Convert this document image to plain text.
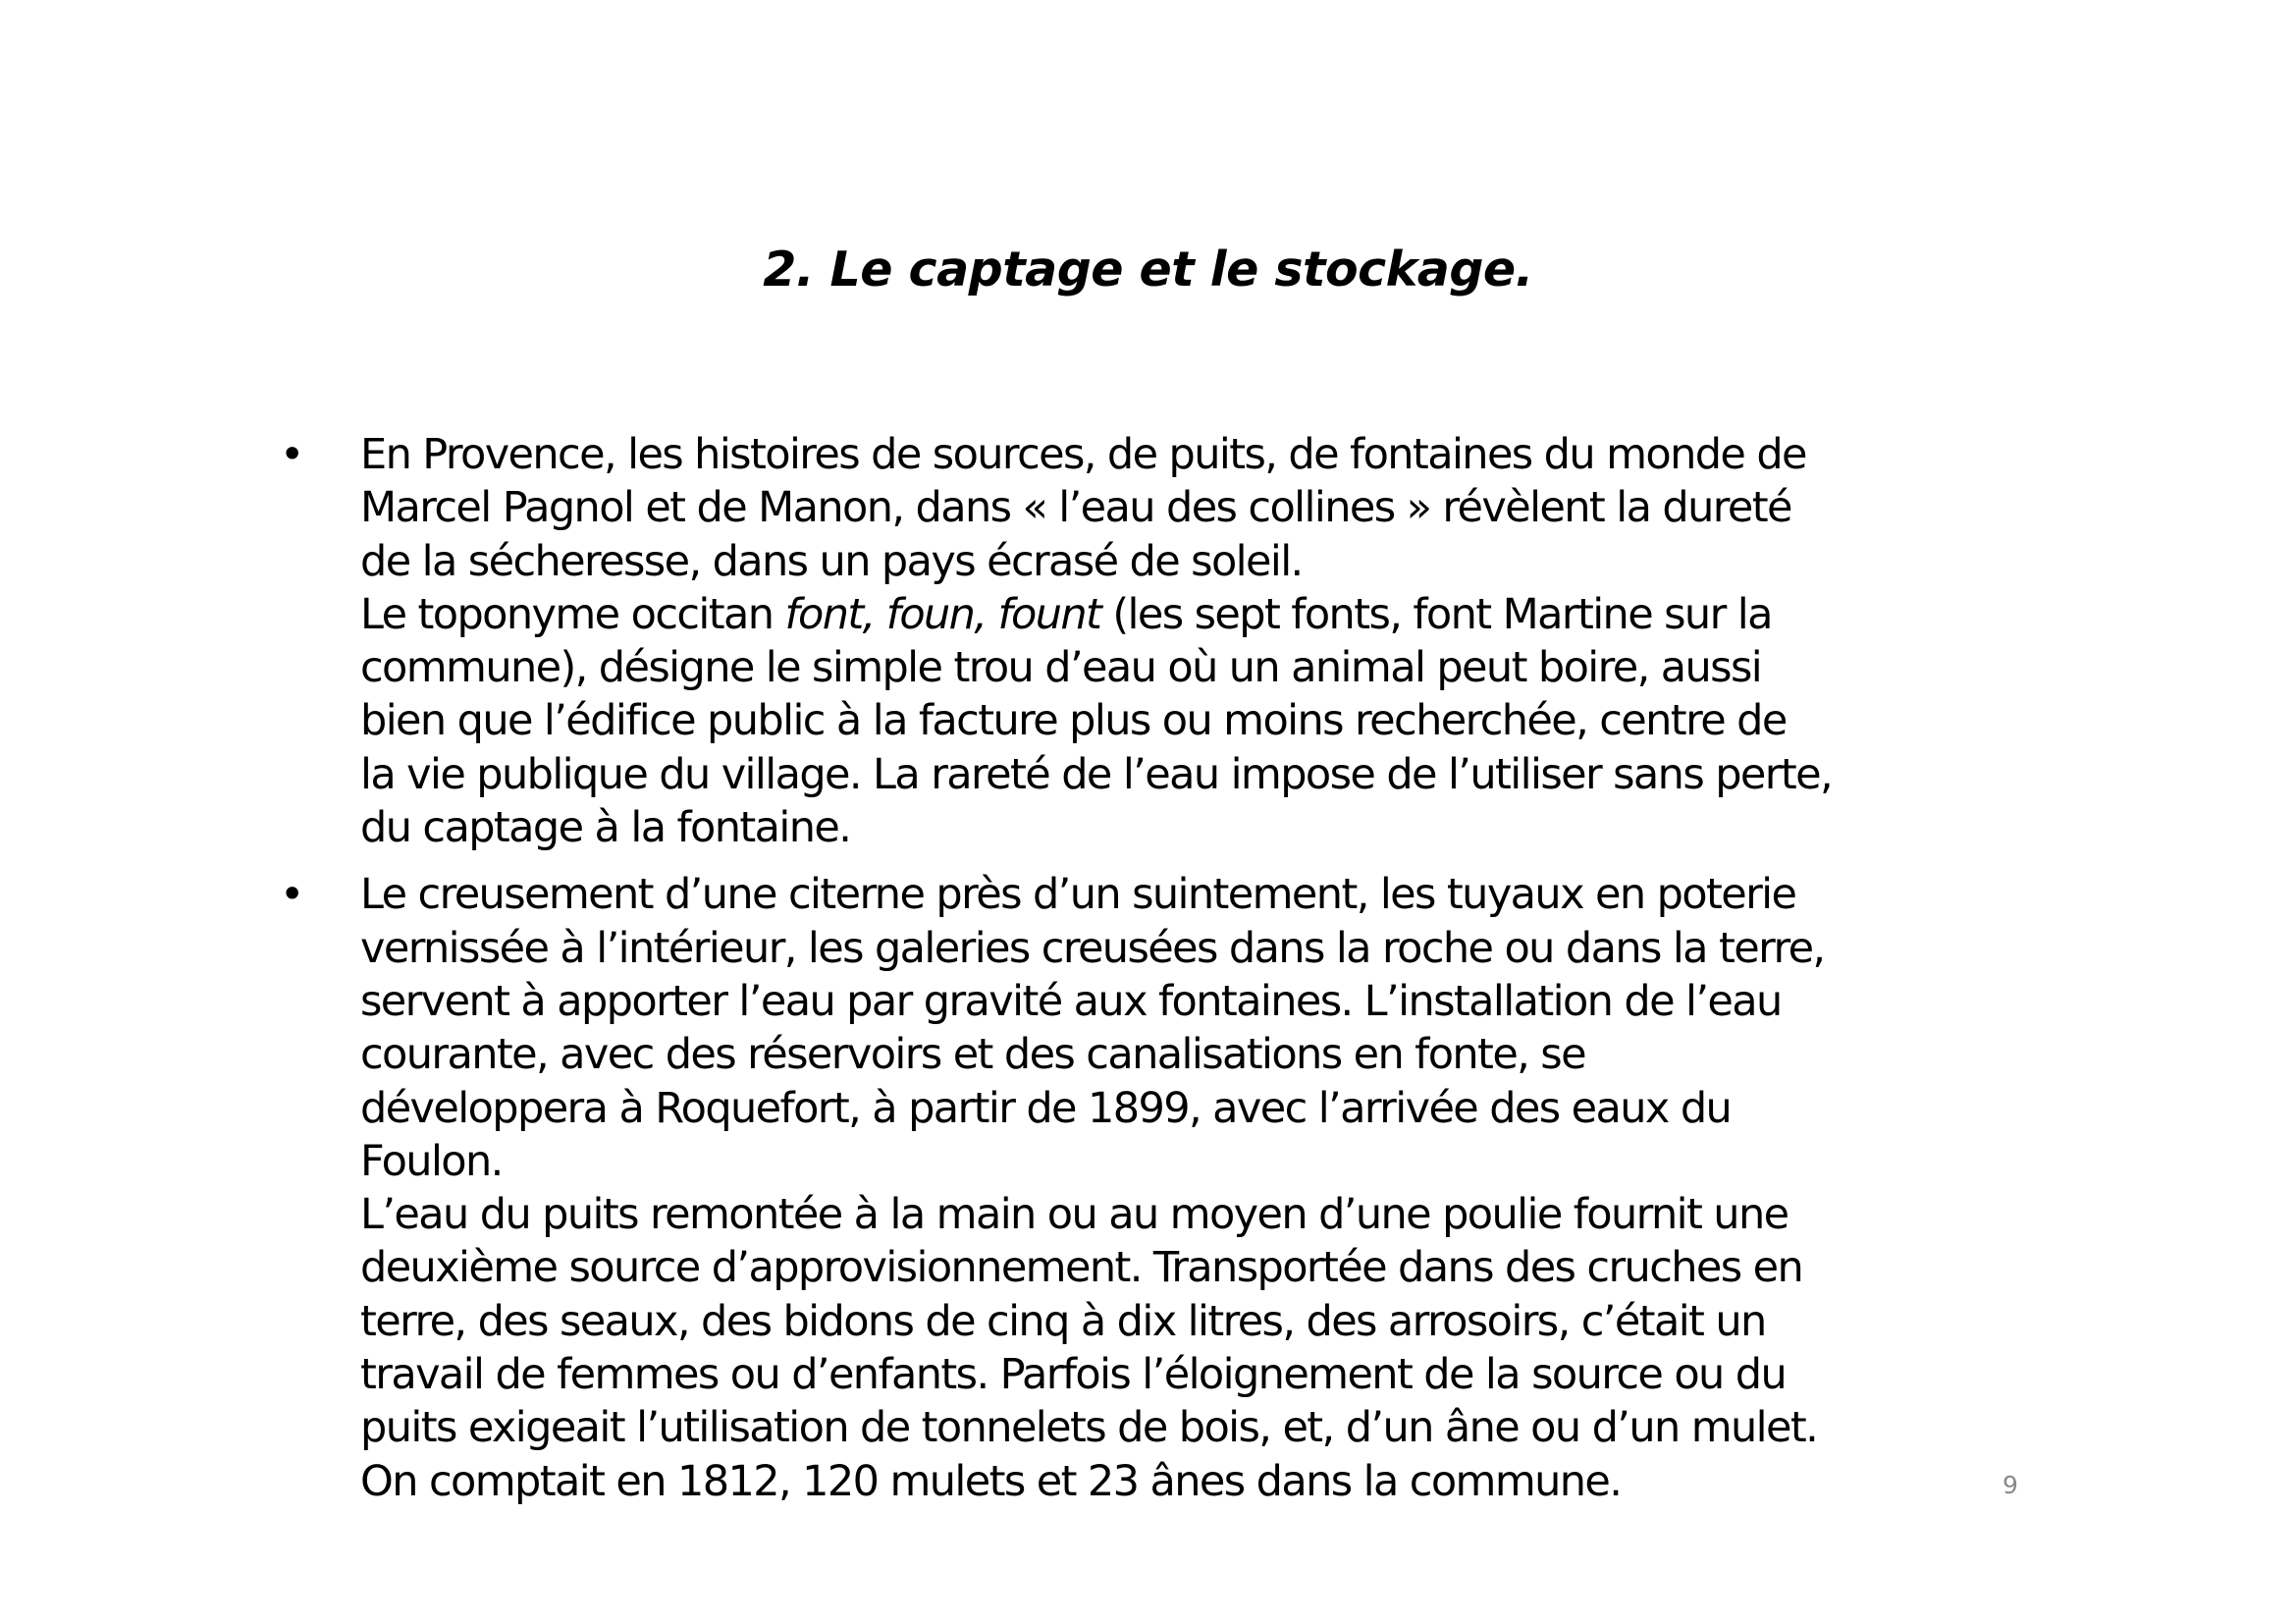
2. Le captage et le stockage.
• En Provence, les histoires de sources, de puits, de fontaines du monde de
Marcel Pagnol et de Manon, dans « l’eau des collines » révèlent la dureté
de la sécheresse, dans un pays écrasé de soleil.
Le toponyme occitan font, foun, fount (les sept fonts, font Martine sur la
commune), désigne le simple trou d’eau où un animal peut boire, aussi
bien que l’édifice public à la facture plus ou moins recherchée, centre de
la vie publique du village. La rareté de l’eau impose de l’utiliser sans perte,
du captage à la fontaine.
• Le creusement d’une citerne près d’un suintement, les tuyaux en poterie
vernissée à l’intérieur, les galeries creusées dans la roche ou dans la terre,
servent à apporter l’eau par gravité aux fontaines. L’installation de l’eau
courante, avec des réservoirs et des canalisations en fonte, se
développera à Roquefort, à partir de 1899, avec l’arrivée des eaux du
Foulon.
L’eau du puits remontée à la main ou au moyen d’une poulie fournit une
deuxième source d’approvisionnement. Transportée dans des cruches en
terre, des seaux, des bidons de cinq à dix litres, des arrosoirs, c’était un
travail de femmes ou d’enfants. Parfois l’éloignement de la source ou du
puits exigeait l’utilisation de tonnelets de bois, et, d’un âne ou d’un mulet.
On comptait en 1812, 120 mulets et 23 ânes dans la commune.	9
